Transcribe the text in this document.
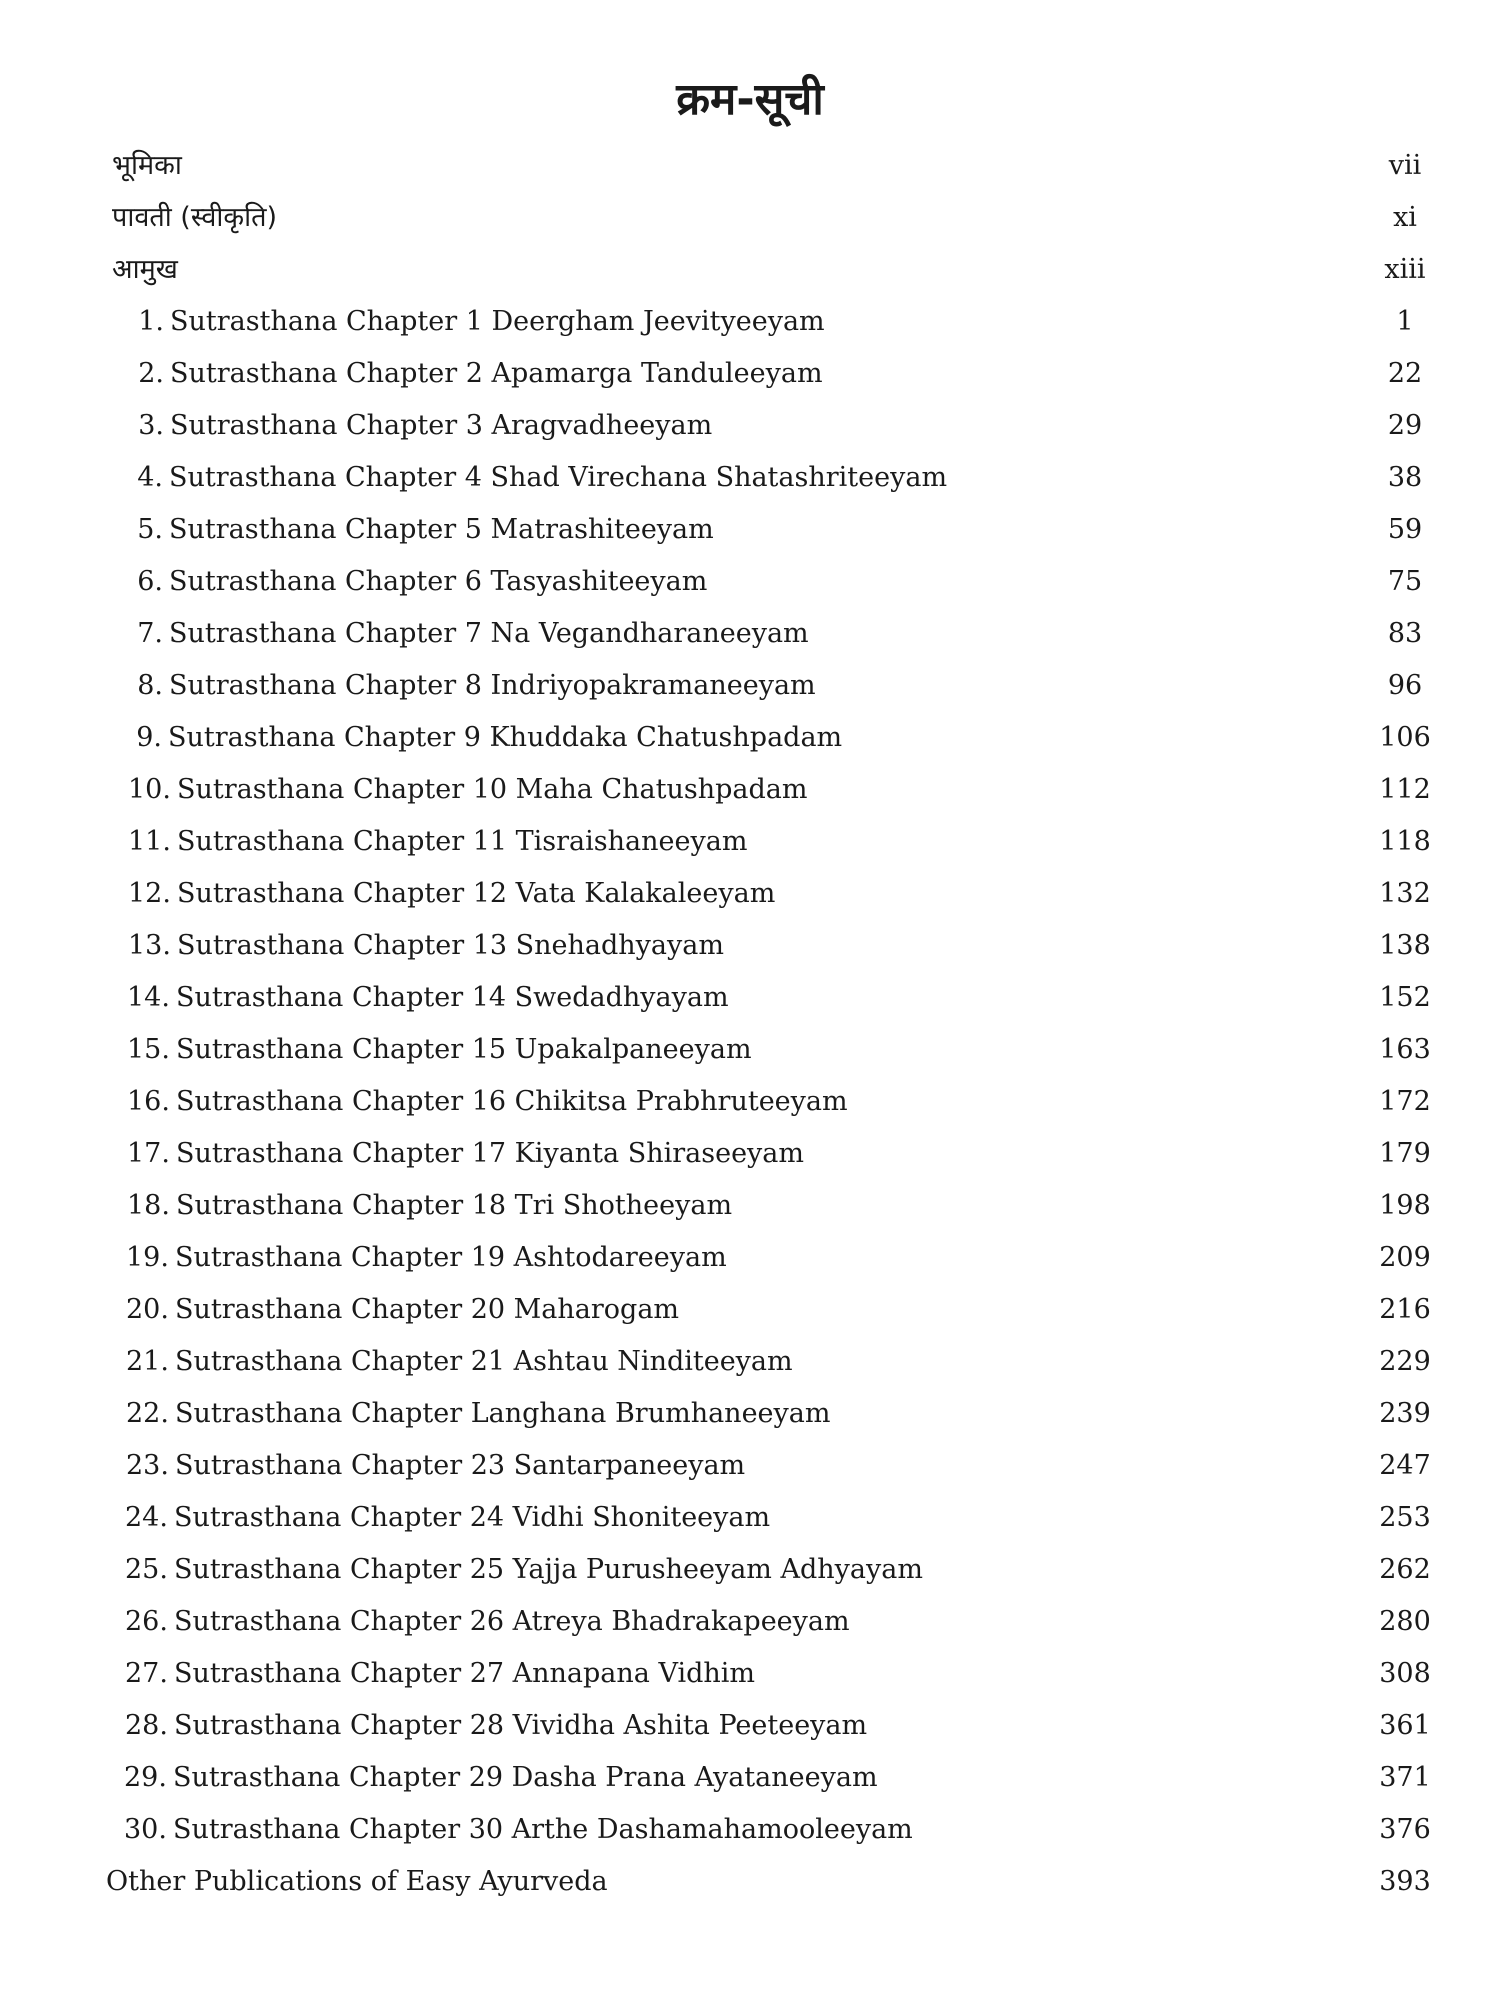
क्रम-सूची
भूमिका	vii
पावती (स्वीकृति)	xi
आमुख	xiii
1. Sutrasthana Chapter 1 Deergham Jeevityeeyam	1
2. Sutrasthana Chapter 2 Apamarga Tanduleeyam	22
3. Sutrasthana Chapter 3 Aragvadheeyam	29
4. Sutrasthana Chapter 4 Shad Virechana Shatashriteeyam	38
5. Sutrasthana Chapter 5 Matrashiteeyam	59
6. Sutrasthana Chapter 6 Tasyashiteeyam	75
7. Sutrasthana Chapter 7 Na Vegandharaneeyam	83
8. Sutrasthana Chapter 8 Indriyopakramaneeyam	96
9. Sutrasthana Chapter 9 Khuddaka Chatushpadam	106
10. Sutrasthana Chapter 10 Maha Chatushpadam	112
11. Sutrasthana Chapter 11 Tisraishaneeyam	118
12. Sutrasthana Chapter 12 Vata Kalakaleeyam	132
13. Sutrasthana Chapter 13 Snehadhyayam	138
14. Sutrasthana Chapter 14 Swedadhyayam	152
15. Sutrasthana Chapter 15 Upakalpaneeyam	163
16. Sutrasthana Chapter 16 Chikitsa Prabhruteeyam	172
17. Sutrasthana Chapter 17 Kiyanta Shiraseeyam	179
18. Sutrasthana Chapter 18 Tri Shotheeyam	198
19. Sutrasthana Chapter 19 Ashtodareeyam	209
20. Sutrasthana Chapter 20 Maharogam	216
21. Sutrasthana Chapter 21 Ashtau Ninditeeyam	229
22. Sutrasthana Chapter Langhana Brumhaneeyam	239
23. Sutrasthana Chapter 23 Santarpaneeyam	247
24. Sutrasthana Chapter 24 Vidhi Shoniteeyam	253
25. Sutrasthana Chapter 25 Yajja Purusheeyam Adhyayam	262
26. Sutrasthana Chapter 26 Atreya Bhadrakapeeyam	280
27. Sutrasthana Chapter 27 Annapana Vidhim	308
28. Sutrasthana Chapter 28 Vividha Ashita Peeteeyam	361
29. Sutrasthana Chapter 29 Dasha Prana Ayataneeyam	371
30. Sutrasthana Chapter 30 Arthe Dashamahamooleeyam	376
Other Publications of Easy Ayurveda	393
